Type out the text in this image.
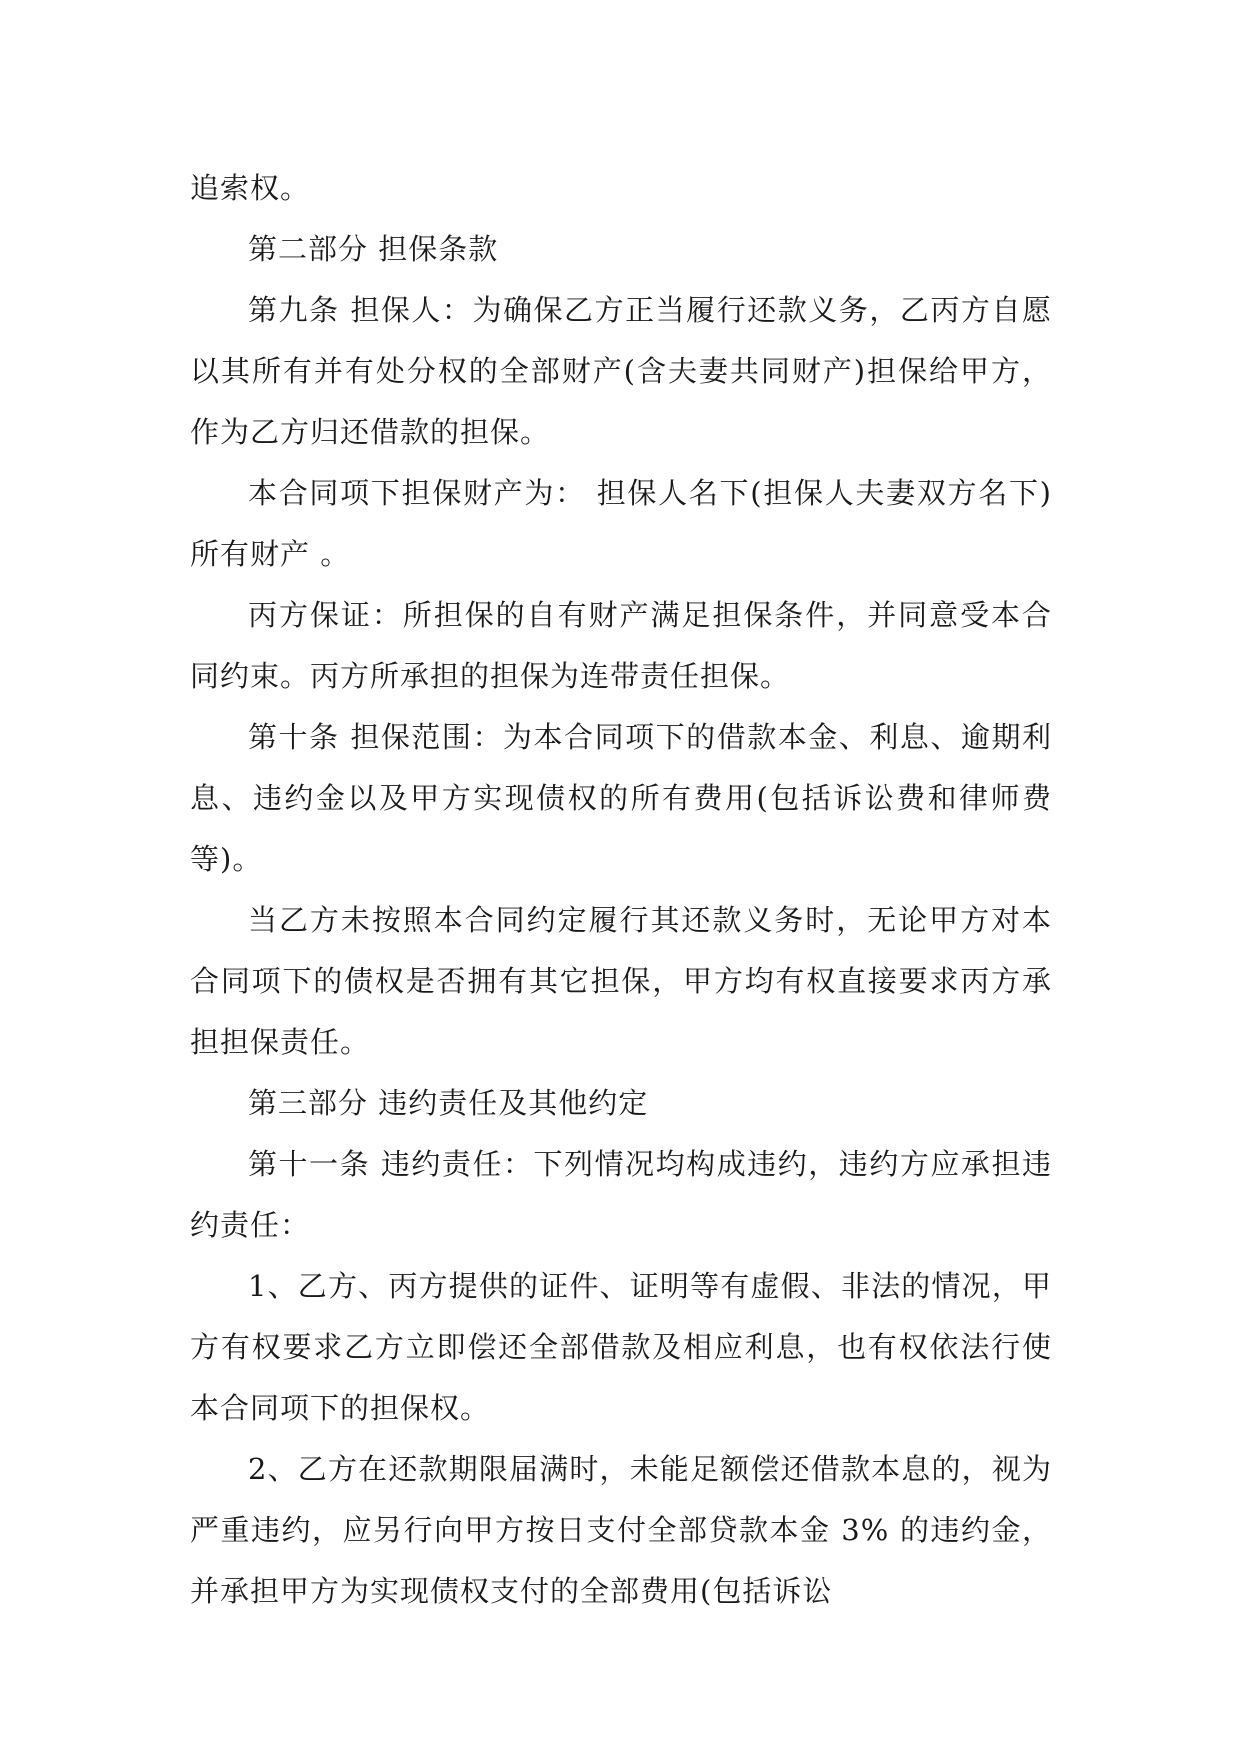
追索权。

第二部分 担保条款

第九条 担保人：为确保乙方正当履行还款义务，乙丙方自愿以其所有并有处分权的全部财产(含夫妻共同财产)担保给甲方，作为乙方归还借款的担保。

本合同项下担保财产为： 担保人名下(担保人夫妻双方名下)所有财产 。

丙方保证：所担保的自有财产满足担保条件，并同意受本合同约束。丙方所承担的担保为连带责任担保。

第十条 担保范围：为本合同项下的借款本金、利息、逾期利息、违约金以及甲方实现债权的所有费用(包括诉讼费和律师费等)。

当乙方未按照本合同约定履行其还款义务时，无论甲方对本合同项下的债权是否拥有其它担保，甲方均有权直接要求丙方承担担保责任。

第三部分 违约责任及其他约定

第十一条 违约责任：下列情况均构成违约，违约方应承担违约责任：

1、乙方、丙方提供的证件、证明等有虚假、非法的情况，甲方有权要求乙方立即偿还全部借款及相应利息，也有权依法行使本合同项下的担保权。

2、乙方在还款期限届满时，未能足额偿还借款本息的，视为严重违约，应另行向甲方按日支付全部贷款本金 3% 的违约金，并承担甲方为实现债权支付的全部费用(包括诉讼
